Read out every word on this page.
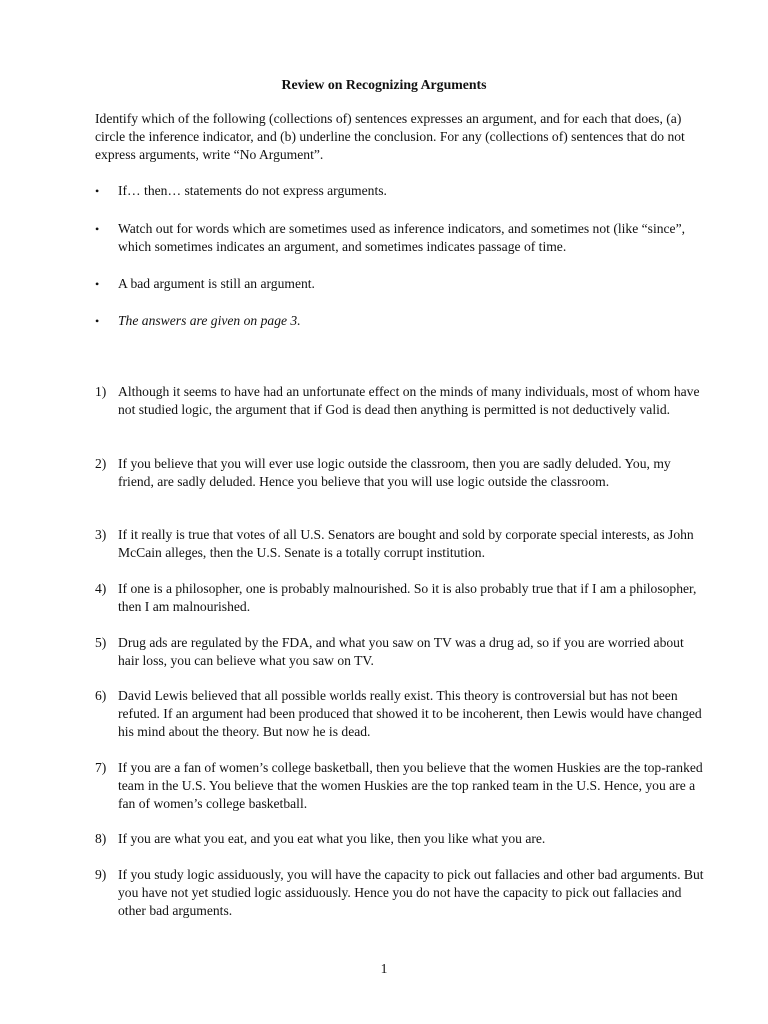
Review on Recognizing Arguments
Identify which of the following (collections of) sentences expresses an argument, and for each that does, (a) circle the inference indicator, and (b) underline the conclusion. For any (collections of) sentences that do not express arguments, write “No Argument”.
•	If… then… statements do not express arguments.
•	Watch out for words which are sometimes used as inference indicators, and sometimes not (like “since”, which sometimes indicates an argument, and sometimes indicates passage of time.
•	A bad argument is still an argument.
•	The answers are given on page 3.
1) Although it seems to have had an unfortunate effect on the minds of many individuals, most of whom have not studied logic, the argument that if God is dead then anything is permitted is not deductively valid.
2) If you believe that you will ever use logic outside the classroom, then you are sadly deluded. You, my friend, are sadly deluded. Hence you believe that you will use logic outside the classroom.
3) If it really is true that votes of all U.S. Senators are bought and sold by corporate special interests, as John McCain alleges, then the U.S. Senate is a totally corrupt institution.
4) If one is a philosopher, one is probably malnourished. So it is also probably true that if I am a philosopher, then I am malnourished.
5) Drug ads are regulated by the FDA, and what you saw on TV was a drug ad, so if you are worried about hair loss, you can believe what you saw on TV.
6) David Lewis believed that all possible worlds really exist. This theory is controversial but has not been refuted. If an argument had been produced that showed it to be incoherent, then Lewis would have changed his mind about the theory. But now he is dead.
7) If you are a fan of women’s college basketball, then you believe that the women Huskies are the top-ranked team in the U.S. You believe that the women Huskies are the top ranked team in the U.S. Hence, you are a fan of women’s college basketball.
8) If you are what you eat, and you eat what you like, then you like what you are.
9) If you study logic assiduously, you will have the capacity to pick out fallacies and other bad arguments. But you have not yet studied logic assiduously. Hence you do not have the capacity to pick out fallacies and other bad arguments.
1
